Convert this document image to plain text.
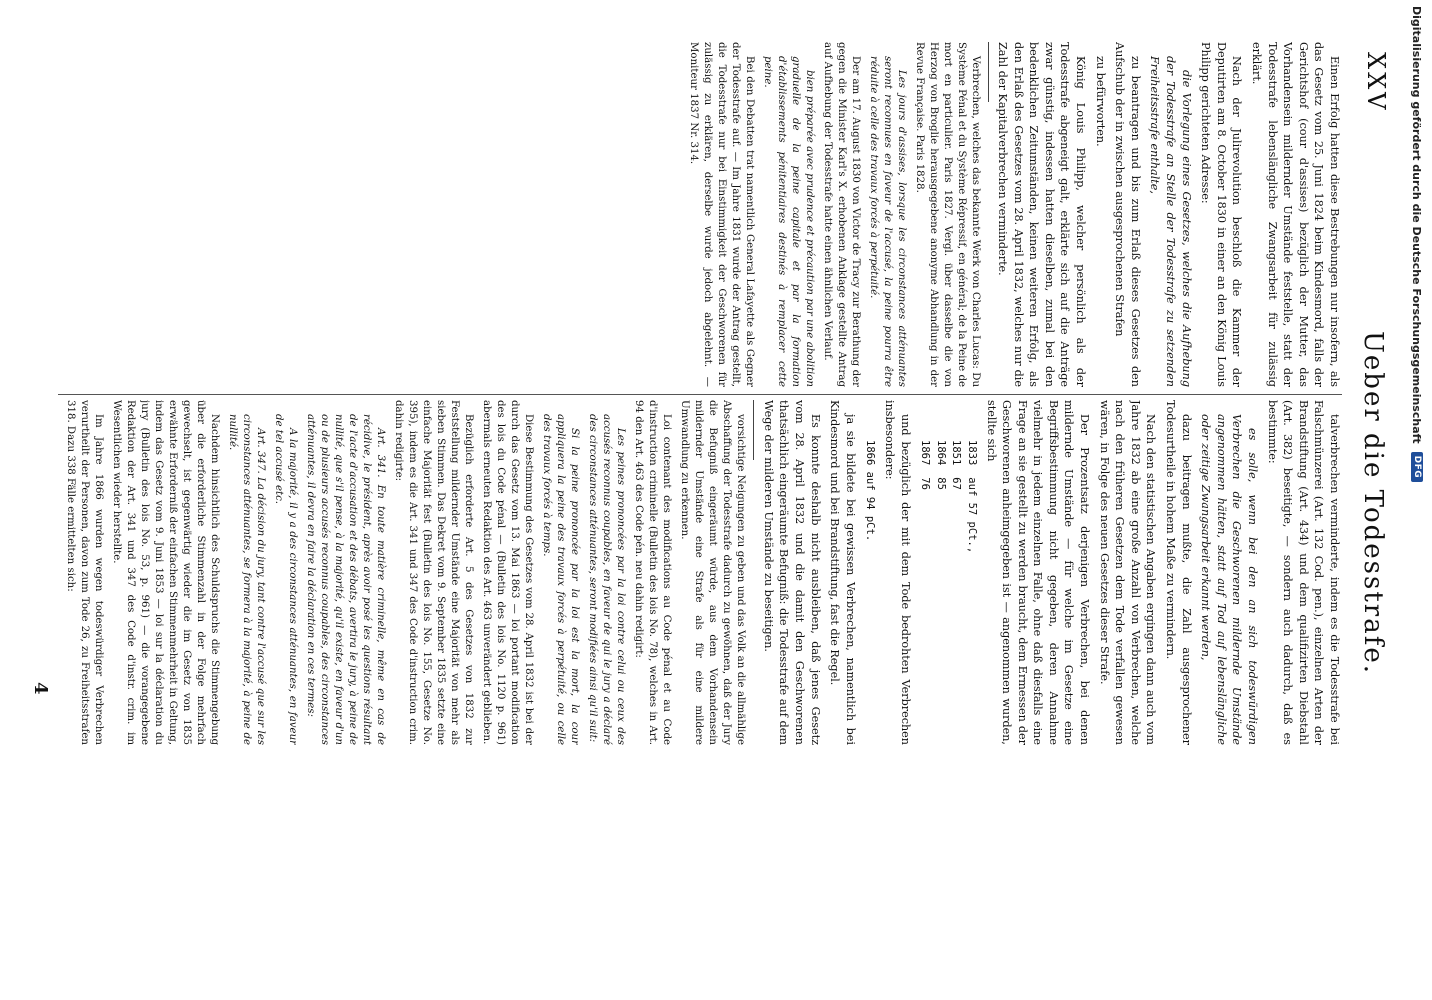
Digitalisierung gefördert durch die Deutsche Forschungsgemeinschaft
DFG
XXV
Ueber die Todesstrafe.

Einen Erfolg hatten diese Bestrebungen nur insofern, als das Gesetz vom 25. Juni 1824 beim Kindesmord, falls der Gerichtshof (cour d'assises) bezüglich der Mutter, das Vorhandensein mildernder Umstände feststelle, statt der Todesstrafe lebenslängliche Zwangsarbeit für zulässig erklärt.

Nach der Julirevolution beschloß die Kammer der Deputirten am 8. October 1830 in einer an den König Louis Philipp gerichteten Adresse:

die Vorlegung eines Gesetzes, welches die Aufhebung der Todesstrafe an Stelle der Todesstrafe zu setzenden Freiheitsstrafe enthalte,

zu beantragen und bis zum Erlaß dieses Gesetzes den Aufschub der in zwischen ausgesprochenen Strafen

zu befürworten.

König Louis Philipp, welcher persönlich als der Todesstrafe abgeneigt galt, erklärte sich auf die Anträge zwar günstig, indessen hatten dieselben, zumal bei den bedenklichen Zeitumständen, keinen weiteren Erfolg, als den Erlaß des Gesetzes vom 28. April 1832, welches nur die Zahl der Kapitalverbrechen verminderte.

Verbrechen, welches das bekannte Werk von Charles Lucas: Du Système Pénal et du Système Répressif, en général; de la Peine de mort en particulier. Paris 1827. Vergl. über dasselbe die von Herzog von Broglie herausgegebene anonyme Abhandlung in der Revue Française. Paris 1828.

Les jours d'assises, lorsque les circonstances atténuantes seront reconnues en faveur de l'accusé, la peine pourra être réduite à celle des travaux forcés à perpétuité.

Der am 17. August 1830 von Victor de Tracy zur Berathung der gegen die Minister Karl's X. erhobenen Anklage gestellte Antrag auf Aufhebung der Todesstrafe hatte einen ähnlichen Verlauf.

bien préparée avec prudence et précaution par une abolition graduelle de la peine capitale et par la formation d'établissements pénitentiaires destinés à remplacer cette peine.

Bei den Debatten trat namentlich General Lafayette als Gegner der Todesstrafe auf. — Im Jahre 1831 wurde der Antrag gestellt, die Todesstrafe nur bei Einstimmigkeit der Geschworenen für zulässig zu erklären, derselbe wurde jedoch abgelehnt. — Moniteur 1837 Nr. 314.

talverbrechen verminderte, indem es die Todesstrafe bei Falschmünzerei (Art. 132 Cod. pen.), einzelnen Arten der Brandstiftung (Art. 434) und dem qualifizirten Diebstahl (Art. 382) beseitigte, — sondern auch dadurch, daß es bestimmte:

es solle, wenn bei den an sich todeswürdigen Verbrechen die Geschworenen mildernde Umstände angenommen hätten, statt auf Tod auf lebenslängliche oder zeitige Zwangsarbeit erkannt werden,

dazu beitragen mußte, die Zahl ausgesprochener Todesurtheile in hohem Maße zu vermindern.

Nach den statistischen Angaben ergingen dann auch vom Jahre 1832 ab eine große Anzahl von Verbrechen, welche nach den früheren Gesetzen dem Tode verfallen gewesen wären, in Folge des neuen Gesetzes dieser Strafe.

Der Prozentsatz derjenigen Verbrechen, bei denen mildernde Umstände — für welche im Gesetze eine Begriffsbestimmung nicht gegeben, deren Annahme vielmehr in jedem einzelnen Falle, ohne daß diesfalls eine Frage an sie gestellt zu werden braucht, dem Ermessen der Geschworenen anheimgegeben ist — angenommen wurden, stellte sich

1833
auf 57 pCt.,
1851
67
1864
85
1867
76

und bezüglich der mit dem Tode bedrohten Verbrechen insbesondere:

1866 auf 94 pCt.

ja sie bildete bei gewissen Verbrechen, namentlich bei Kindesmord und bei Brandstiftung, fast die Regel.

Es konnte deshalb nicht ausbleiben, daß jenes Gesetz vom 28. April 1832 und die damit den Geschworenen thatsächlich eingeräumte Befugniß: die Todesstrafe auf dem Wege der milderen Umstände zu beseitigen.

vorsichtige Neigungen zu geben und das Volk an die allmählige Abschaffung der Todesstrafe dadurch zu gewöhnen, daß der Jury die Befugniß eingeräumt würde, aus dem Vorhandensein mildernder Umstände eine Strafe als für eine mildere Umwandlung zu erkennen.

Loi contenant des modifications au Code pénal et au Code d'instruction criminelle (Bulletin des lois No. 78), welches in Art. 94 den Art. 463 des Code pén. neu dahin redigirt:

Les peines prononcées par la loi contre celui ou ceux des accusés reconnus coupables, en faveur de qui le jury a déclaré des circonstances atténuantes, seront modifiées ainsi qu'il suit:

Si la peine prononcée par la loi est la mort, la cour appliquera la peine des travaux forcés à perpétuité, ou celle des travaux forcés à temps.

Diese Bestimmung des Gesetzes vom 28. April 1832 ist bei der durch das Gesetz vom 13. Mai 1863 — loi portant modification des lois du Code pénal — (Bulletin des lois No. 1120 p. 961) abermals erneuten Redaktion des Art. 463 unverändert geblieben.

Bezüglich erforderte Art. 5 des Gesetzes von 1832 zur Feststellung mildernder Umstände eine Majorität von mehr als sieben Stimmen. Das Dekret vom 9. September 1835 setzte eine einfache Majorität fest (Bulletin des lois No. 155, Gesetze No. 395), indem es die Art. 341 und 347 des Code d'instruction crim. dahin redigirte:

Art. 341. En toute matière criminelle, même en cas de récidive, le président, après avoir posé les questions résultant de l'acte d'accusation et des débats, avertira le jury, à peine de nullité, que s'il pense, à la majorité, qu'il existe, en faveur d'un ou de plusieurs accusés reconnus coupables, des circonstances atténuantes, il devra en faire la déclaration en ces termes:

A la majorité, il y a des circonstances atténuantes, en faveur de tel accusé etc.

Art. 347. La décision du jury, tant contre l'accusé que sur les circonstances atténuantes, se formera à la majorité, à peine de nullité.

Nachdem hinsichtlich des Schuldspruchs die Stimmengebung über die erforderliche Stimmenzahl in der Folge mehrfach gewechselt, ist gegenwärtig wieder die im Gesetz von 1835 erwähnte Erforderniß der einfachen Stimmenmehrheit in Geltung, indem das Gesetz vom 9. Juni 1853 — loi sur la déclaration du jury (Bulletin des lois No. 53, p. 961) — die vorangegebene Redaktion der Art. 341 und 347 des Code d'instr. crim. im Wesentlichen wieder herstellte.

Im Jahre 1866 wurden wegen todeswürdiger Verbrechen verurtheilt der Personen, davon zum Tode 26, zu Freiheitsstrafen 318. Dazu 338 Fälle ermittelten sich:

4
